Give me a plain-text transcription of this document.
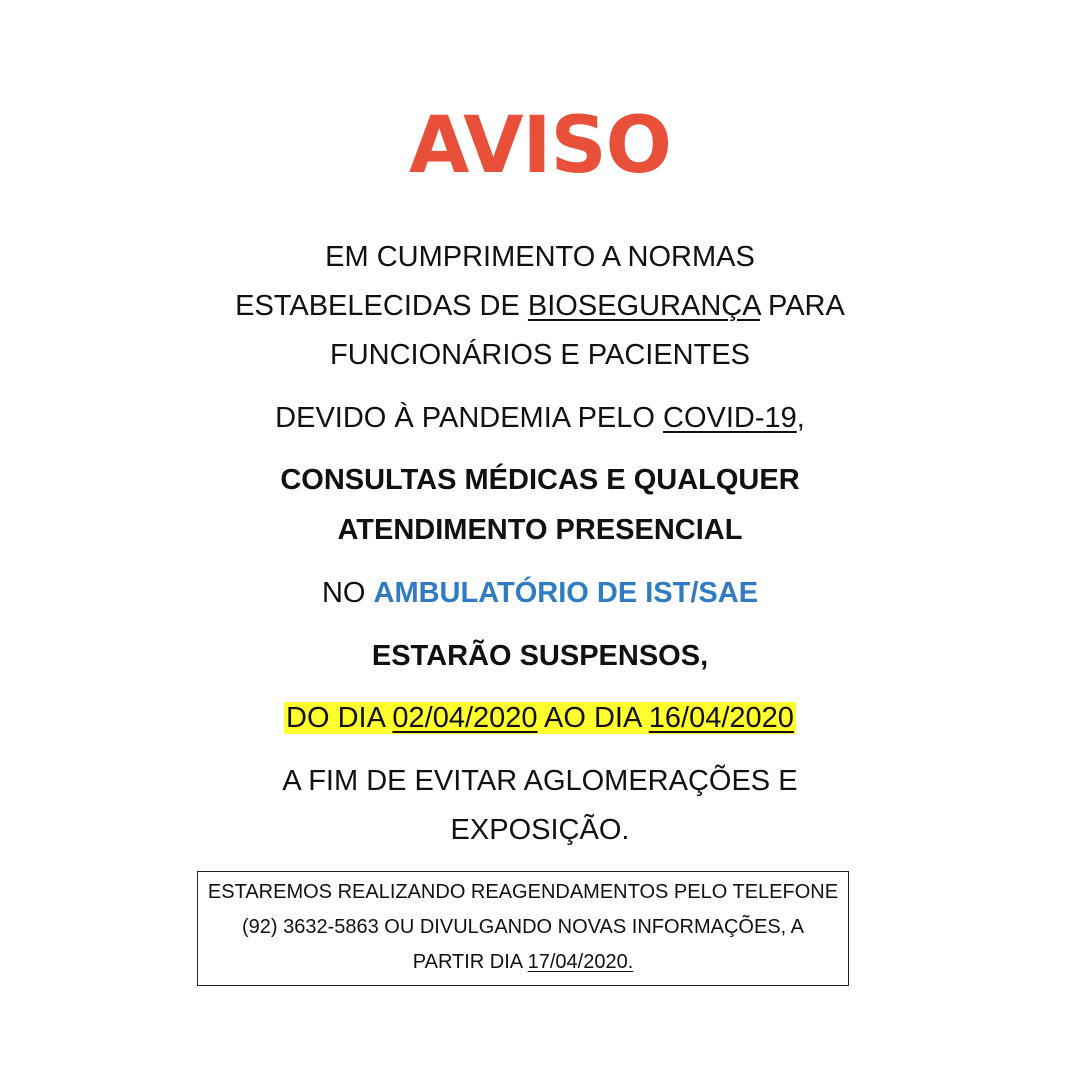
AVISO
EM CUMPRIMENTO A NORMAS
ESTABELECIDAS DE BIOSEGURANÇA PARA
FUNCIONÁRIOS E PACIENTES
DEVIDO À PANDEMIA PELO COVID-19,
CONSULTAS MÉDICAS E QUALQUER
ATENDIMENTO PRESENCIAL
NO AMBULATÓRIO DE IST/SAE
ESTARÃO SUSPENSOS,
DO DIA 02/04/2020 AO DIA 16/04/2020
A FIM DE EVITAR AGLOMERAÇÕES E
EXPOSIÇÃO.
ESTAREMOS REALIZANDO REAGENDAMENTOS PELO TELEFONE
(92) 3632-5863 OU DIVULGANDO NOVAS INFORMAÇÕES, A
PARTIR DIA 17/04/2020.
